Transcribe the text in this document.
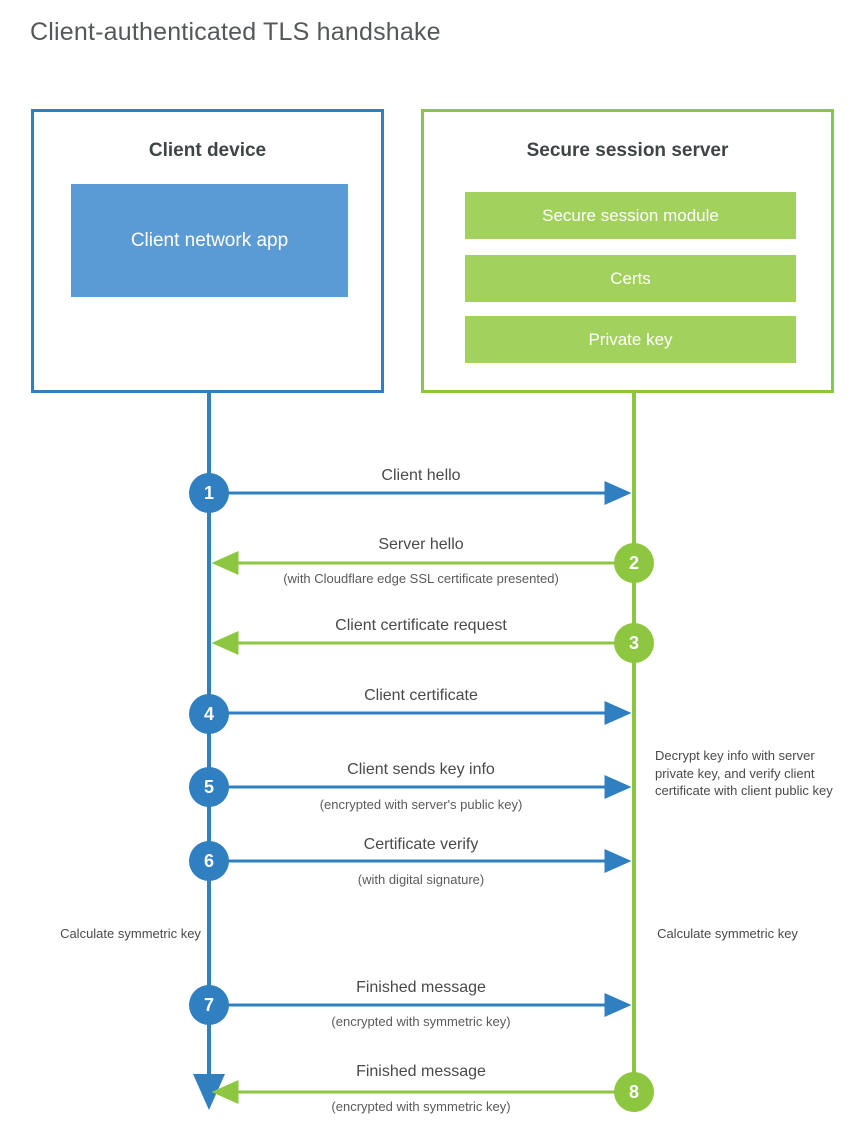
Client-authenticated TLS handshake
Client device
Client network app
Secure session server
Secure session module
Certs
Private key
1
2
3
4
5
6
7
8
Client hello
Server hello
(with Cloudflare edge SSL certificate presented)
Client certificate request
Client certificate
Client sends key info
(encrypted with server's public key)
Certificate verify
(with digital signature)
Finished message
(encrypted with symmetric key)
Finished message
(encrypted with symmetric key)
Decrypt key info with server private key, and verify client certificate with client public key
Calculate symmetric key	Calculate symmetric key
